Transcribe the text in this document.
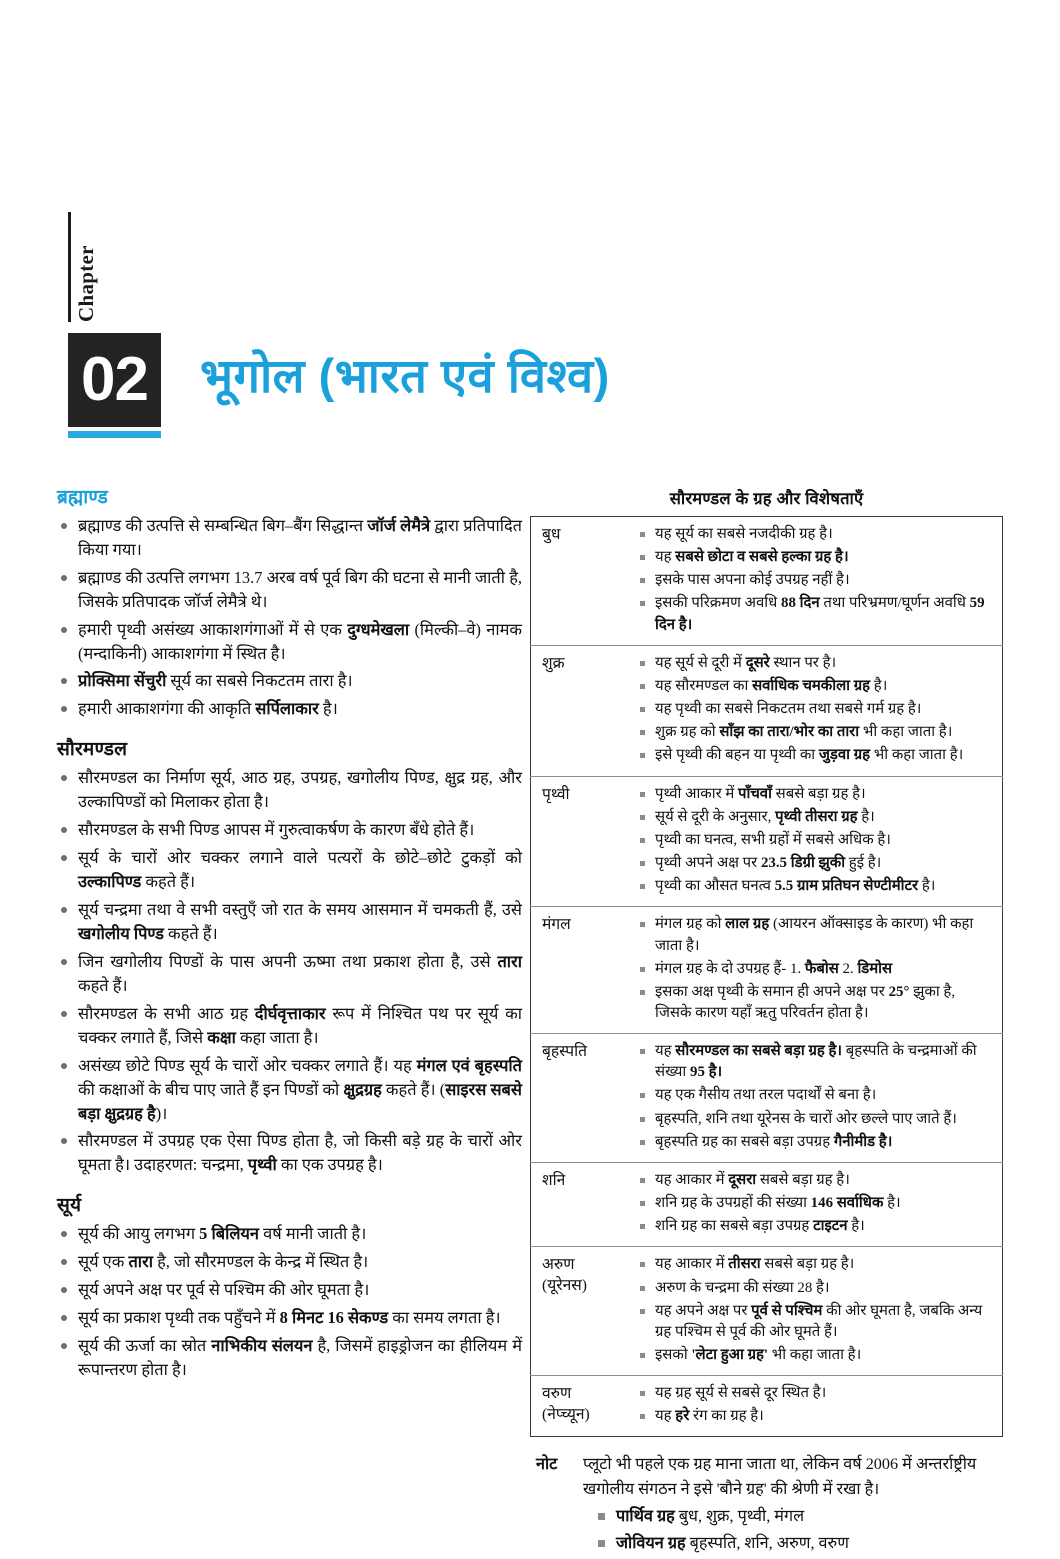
Chapter
02 भूगोल (भारत एवं विश्व)
ब्रह्माण्ड
ब्रह्माण्ड की उत्पत्ति से सम्बन्धित बिग–बैंग सिद्धान्त जॉर्ज लेमैत्रे द्वारा प्रतिपादित किया गया।
ब्रह्माण्ड की उत्पत्ति लगभग 13.7 अरब वर्ष पूर्व बिग की घटना से मानी जाती है, जिसके प्रतिपादक जॉर्ज लेमैत्रे थे।
हमारी पृथ्वी असंख्य आकाशगंगाओं में से एक दुग्धमेखला (मिल्की–वे) नामक (मन्दाकिनी) आकाशगंगा में स्थित है।
प्रोक्सिमा सेंचुरी सूर्य का सबसे निकटतम तारा है।
हमारी आकाशगंगा की आकृति सर्पिलाकार है।
सौरमण्डल
सौरमण्डल का निर्माण सूर्य, आठ ग्रह, उपग्रह, खगोलीय पिण्ड, क्षुद्र ग्रह, और उल्कापिण्डों को मिलाकर होता है।
सौरमण्डल के सभी पिण्ड आपस में गुरुत्वाकर्षण के कारण बँधे होते हैं।
सूर्य के चारों ओर चक्कर लगाने वाले पत्यरों के छोटे–छोटे टुकड़ों को उल्कापिण्ड कहते हैं।
सूर्य चन्द्रमा तथा वे सभी वस्तुएँ जो रात के समय आसमान में चमकती हैं, उसे खगोलीय पिण्ड कहते हैं।
जिन खगोलीय पिण्डों के पास अपनी ऊष्मा तथा प्रकाश होता है, उसे तारा कहते हैं।
सौरमण्डल के सभी आठ ग्रह दीर्घवृत्ताकार रूप में निश्चित पथ पर सूर्य का चक्कर लगाते हैं, जिसे कक्षा कहा जाता है।
असंख्य छोटे पिण्ड सूर्य के चारों ओर चक्कर लगाते हैं। यह मंगल एवं बृहस्पति की कक्षाओं के बीच पाए जाते हैं इन पिण्डों को क्षुद्रग्रह कहते हैं। (साइरस सबसे बड़ा क्षुद्रग्रह है)।
सौरमण्डल में उपग्रह एक ऐसा पिण्ड होता है, जो किसी बड़े ग्रह के चारों ओर घूमता है। उदाहरणत: चन्द्रमा, पृथ्वी का एक उपग्रह है।
सूर्य
सूर्य की आयु लगभग 5 बिलियन वर्ष मानी जाती है।
सूर्य एक तारा है, जो सौरमण्डल के केन्द्र में स्थित है।
सूर्य अपने अक्ष पर पूर्व से पश्चिम की ओर घूमता है।
सूर्य का प्रकाश पृथ्वी तक पहुँचने में 8 मिनट 16 सेकण्ड का समय लगता है।
सूर्य की ऊर्जा का स्रोत नाभिकीय संलयन है, जिसमें हाइड्रोजन का हीलियम में रूपान्तरण होता है।
सौरमण्डल के ग्रह और विशेषताएँ
बुध	यह सूर्य का सबसे नजदीकी ग्रह है।
यह सबसे छोटा व सबसे हल्का ग्रह है।
इसके पास अपना कोई उपग्रह नहीं है।
इसकी परिक्रमण अवधि 88 दिन तथा परिभ्रमण/घूर्णन अवधि 59 दिन है।

शुक्र	यह सूर्य से दूरी में दूसरे स्थान पर है।
यह सौरमण्डल का सर्वाधिक चमकीला ग्रह है।
यह पृथ्वी का सबसे निकटतम तथा सबसे गर्म ग्रह है।
शुक्र ग्रह को साँझ का तारा/भोर का तारा भी कहा जाता है।
इसे पृथ्वी की बहन या पृथ्वी का जुड़वा ग्रह भी कहा जाता है।

पृथ्वी	पृथ्वी आकार में पाँचवाँ सबसे बड़ा ग्रह है।
सूर्य से दूरी के अनुसार, पृथ्वी तीसरा ग्रह है।
पृथ्वी का घनत्व, सभी ग्रहों में सबसे अधिक है।
पृथ्वी अपने अक्ष पर 23.5 डिग्री झुकी हुई है।
पृथ्वी का औसत घनत्व 5.5 ग्राम प्रतिघन सेण्टीमीटर है।

मंगल	मंगल ग्रह को लाल ग्रह (आयरन ऑक्साइड के कारण) भी कहा जाता है।
मंगल ग्रह के दो उपग्रह हैं- 1. फैबोस 2. डिमोस
इसका अक्ष पृथ्वी के समान ही अपने अक्ष पर 25° झुका है, जिसके कारण यहाँ ऋतु परिवर्तन होता है।

बृहस्पति	यह सौरमण्डल का सबसे बड़ा ग्रह है। बृहस्पति के चन्द्रमाओं की संख्या 95 है।
यह एक गैसीय तथा तरल पदार्थों से बना है।
बृहस्पति, शनि तथा यूरेनस के चारों ओर छल्ले पाए जाते हैं।
बृहस्पति ग्रह का सबसे बड़ा उपग्रह गैनीमीड है।

शनि	यह आकार में दूसरा सबसे बड़ा ग्रह है।
शनि ग्रह के उपग्रहों की संख्या 146 सर्वाधिक है।
शनि ग्रह का सबसे बड़ा उपग्रह टाइटन है।

अरुण
(यूरेनस)	
यह आकार में तीसरा सबसे बड़ा ग्रह है।
अरुण के चन्द्रमा की संख्या 28 है।
यह अपने अक्ष पर पूर्व से पश्चिम की ओर घूमता है, जबकि अन्य ग्रह पश्चिम से पूर्व की ओर घूमते हैं।
इसको 'लेटा हुआ ग्रह' भी कहा जाता है।

वरुण
(नेप्च्यून)	
यह ग्रह सूर्य से सबसे दूर स्थित है।
यह हरे रंग का ग्रह है।
नोट प्लूटो भी पहले एक ग्रह माना जाता था, लेकिन वर्ष 2006 में अन्तर्राष्ट्रीय खगोलीय संगठन ने इसे 'बौने ग्रह' की श्रेणी में रखा है।
पार्थिव ग्रह बुध, शुक्र, पृथ्वी, मंगल
जोवियन ग्रह बृहस्पति, शनि, अरुण, वरुण
